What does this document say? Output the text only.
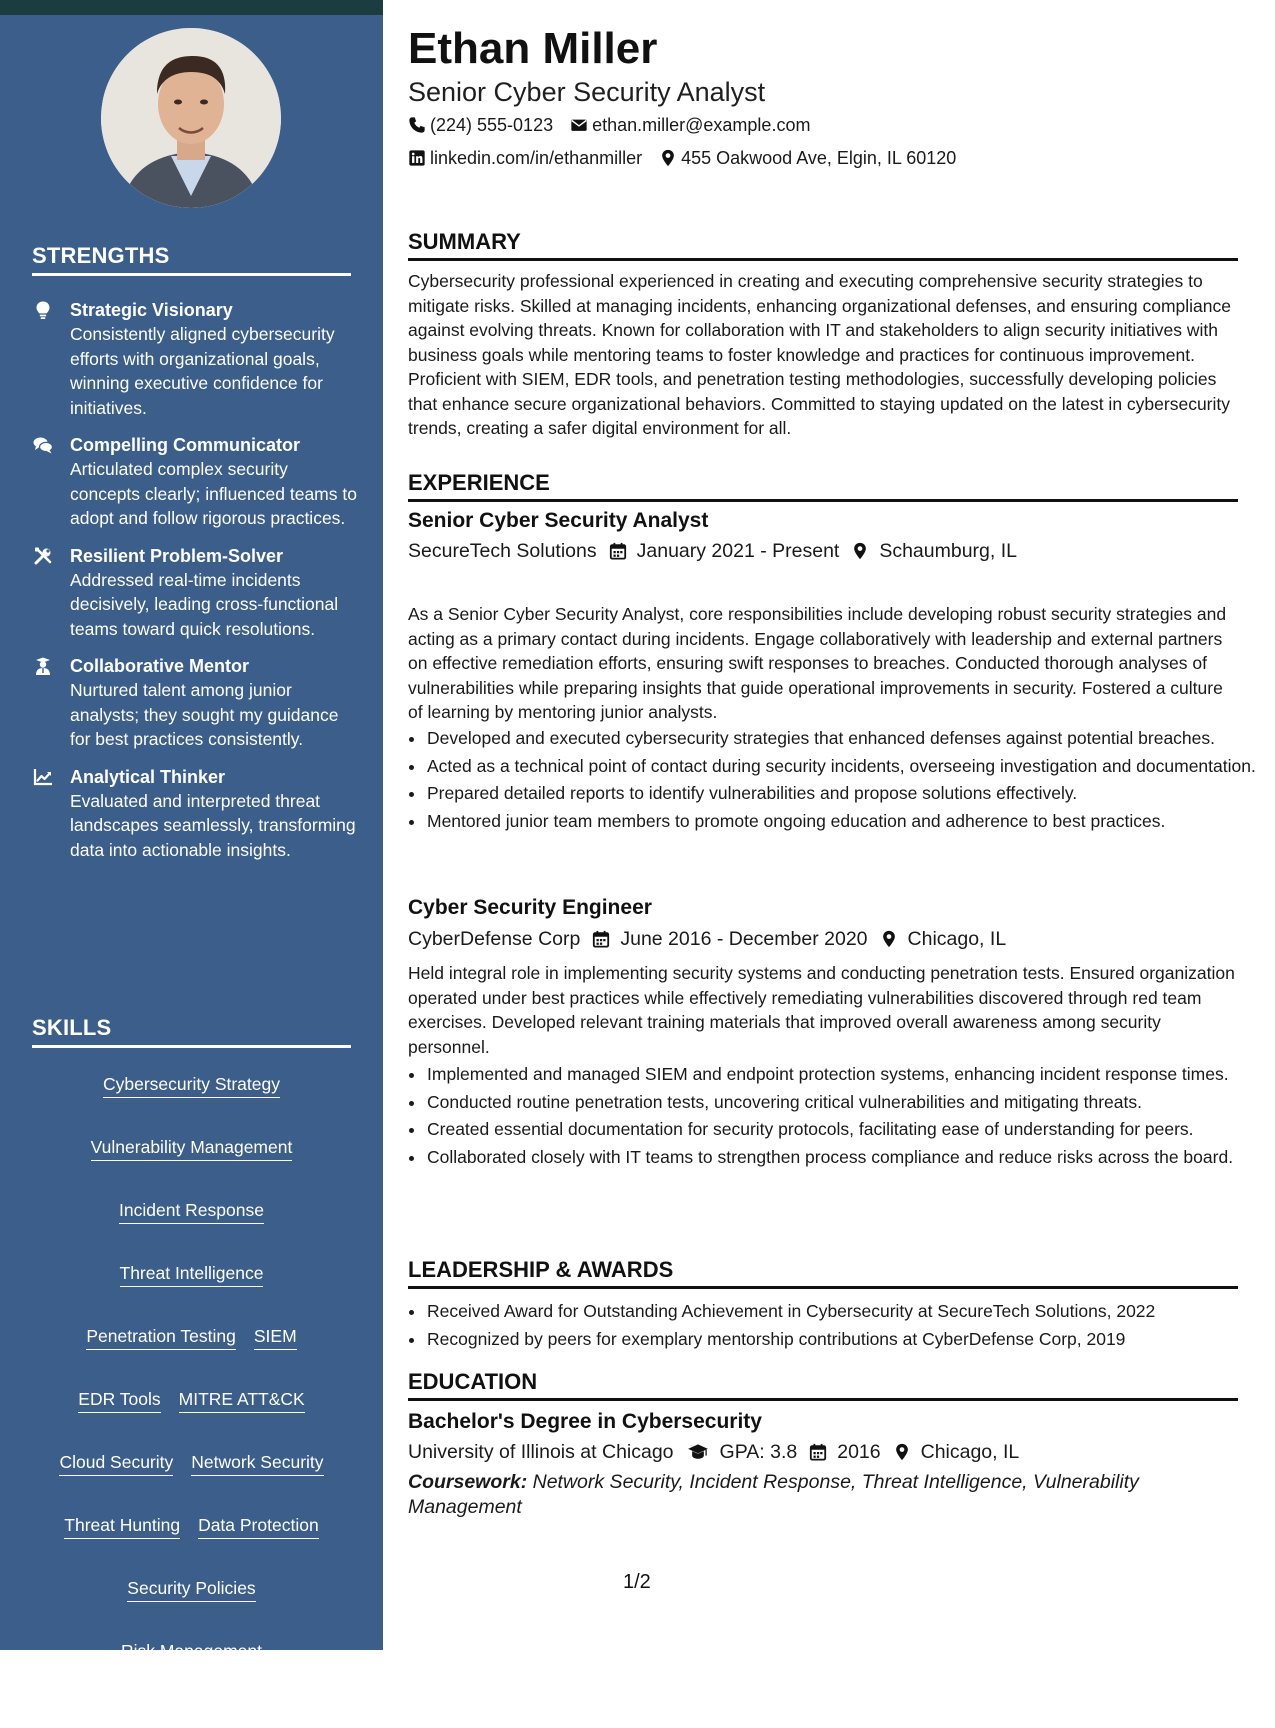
STRENGTHS
Strategic Visionary
Consistently aligned cybersecurity efforts with organizational goals, winning executive confidence for initiatives.
Compelling Communicator
Articulated complex security concepts clearly; influenced teams to adopt and follow rigorous practices.
Resilient Problem-Solver
Addressed real-time incidents decisively, leading cross-functional teams toward quick resolutions.
Collaborative Mentor
Nurtured talent among junior analysts; they sought my guidance for best practices consistently.
Analytical Thinker
Evaluated and interpreted threat landscapes seamlessly, transforming data into actionable insights.
SKILLS
Cybersecurity Strategy
Vulnerability Management
Incident Response
Threat Intelligence
Penetration Testing SIEM
EDR Tools MITRE ATT&CK
Cloud Security Network Security
Threat Hunting Data Protection
Security Policies
Risk Management
Forensic Analysis
Ethan Miller
Senior Cyber Security Analyst
(224) 555-0123 ethan.miller@example.com
linkedin.com/in/ethanmiller 455 Oakwood Ave, Elgin, IL 60120
SUMMARY

Cybersecurity professional experienced in creating and executing comprehensive security strategies to mitigate risks. Skilled at managing incidents, enhancing organizational defenses, and ensuring compliance against evolving threats. Known for collaboration with IT and stakeholders to align security initiatives with business goals while mentoring teams to foster knowledge and practices for continuous improvement. Proficient with SIEM, EDR tools, and penetration testing methodologies, successfully developing policies that enhance secure organizational behaviors. Committed to staying updated on the latest in cybersecurity trends, creating a safer digital environment for all.

EXPERIENCE
Senior Cyber Security Analyst
SecureTech Solutions January 2021 - Present Schaumburg, IL

As a Senior Cyber Security Analyst, core responsibilities include developing robust security strategies and acting as a primary contact during incidents. Engage collaboratively with leadership and external partners on effective remediation efforts, ensuring swift responses to breaches. Conducted thorough analyses of vulnerabilities while preparing insights that guide operational improvements in security. Fostered a culture of learning by mentoring junior analysts.

• Developed and executed cybersecurity strategies that enhanced defenses against potential breaches.
• Acted as a technical point of contact during security incidents, overseeing investigation and documentation.
• Prepared detailed reports to identify vulnerabilities and propose solutions effectively.
• Mentored junior team members to promote ongoing education and adherence to best practices.
Cyber Security Engineer
CyberDefense Corp June 2016 - December 2020 Chicago, IL

Held integral role in implementing security systems and conducting penetration tests. Ensured organization operated under best practices while effectively remediating vulnerabilities discovered through red team exercises. Developed relevant training materials that improved overall awareness among security personnel.

• Implemented and managed SIEM and endpoint protection systems, enhancing incident response times.
• Conducted routine penetration tests, uncovering critical vulnerabilities and mitigating threats.
• Created essential documentation for security protocols, facilitating ease of understanding for peers.
• Collaborated closely with IT teams to strengthen process compliance and reduce risks across the board.
LEADERSHIP & AWARDS
• Received Award for Outstanding Achievement in Cybersecurity at SecureTech Solutions, 2022
• Recognized by peers for exemplary mentorship contributions at CyberDefense Corp, 2019
EDUCATION
Bachelor's Degree in Cybersecurity
University of Illinois at Chicago GPA: 3.8 2016 Chicago, IL
Coursework: Network Security, Incident Response, Threat Intelligence, Vulnerability Management
1/2
